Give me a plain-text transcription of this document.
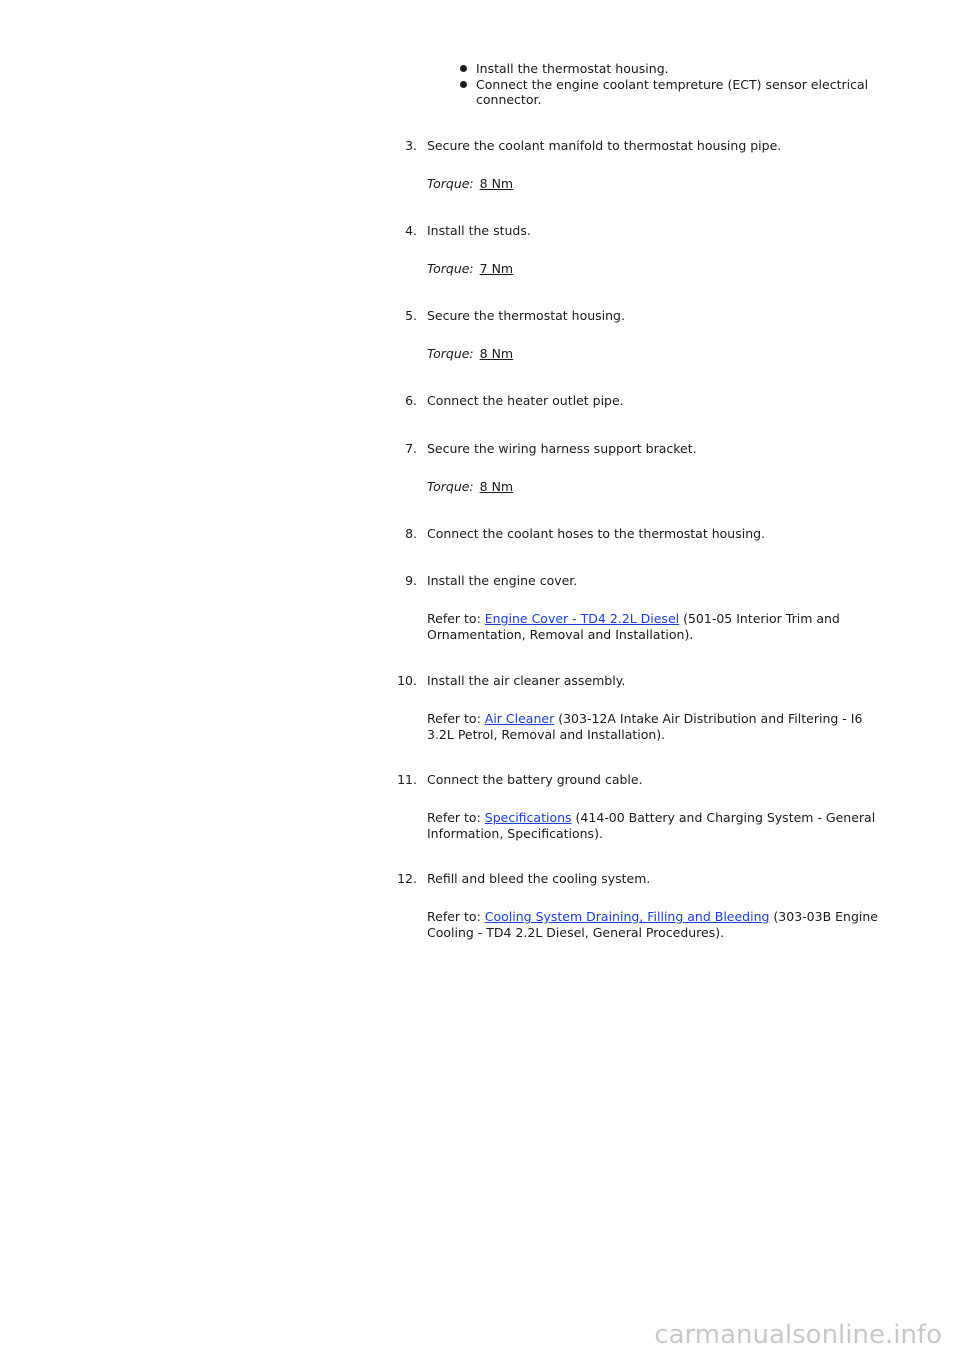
Install the thermostat housing.
Connect the engine coolant tempreture (ECT) sensor electrical connector.
3. Secure the coolant manifold to thermostat housing pipe.
Torque: 8 Nm
4. Install the studs.
Torque: 7 Nm
5. Secure the thermostat housing.
Torque: 8 Nm
6. Connect the heater outlet pipe.
7. Secure the wiring harness support bracket.
Torque: 8 Nm
8. Connect the coolant hoses to the thermostat housing.
9. Install the engine cover.
Refer to: Engine Cover - TD4 2.2L Diesel (501-05 Interior Trim and Ornamentation, Removal and Installation).
10. Install the air cleaner assembly.
Refer to: Air Cleaner (303-12A Intake Air Distribution and Filtering - I6 3.2L Petrol, Removal and Installation).
11. Connect the battery ground cable.
Refer to: Specifications (414-00 Battery and Charging System - General Information, Specifications).
12. Refill and bleed the cooling system.
Refer to: Cooling System Draining, Filling and Bleeding (303-03B Engine Cooling - TD4 2.2L Diesel, General Procedures).
carmanualsonline.info
